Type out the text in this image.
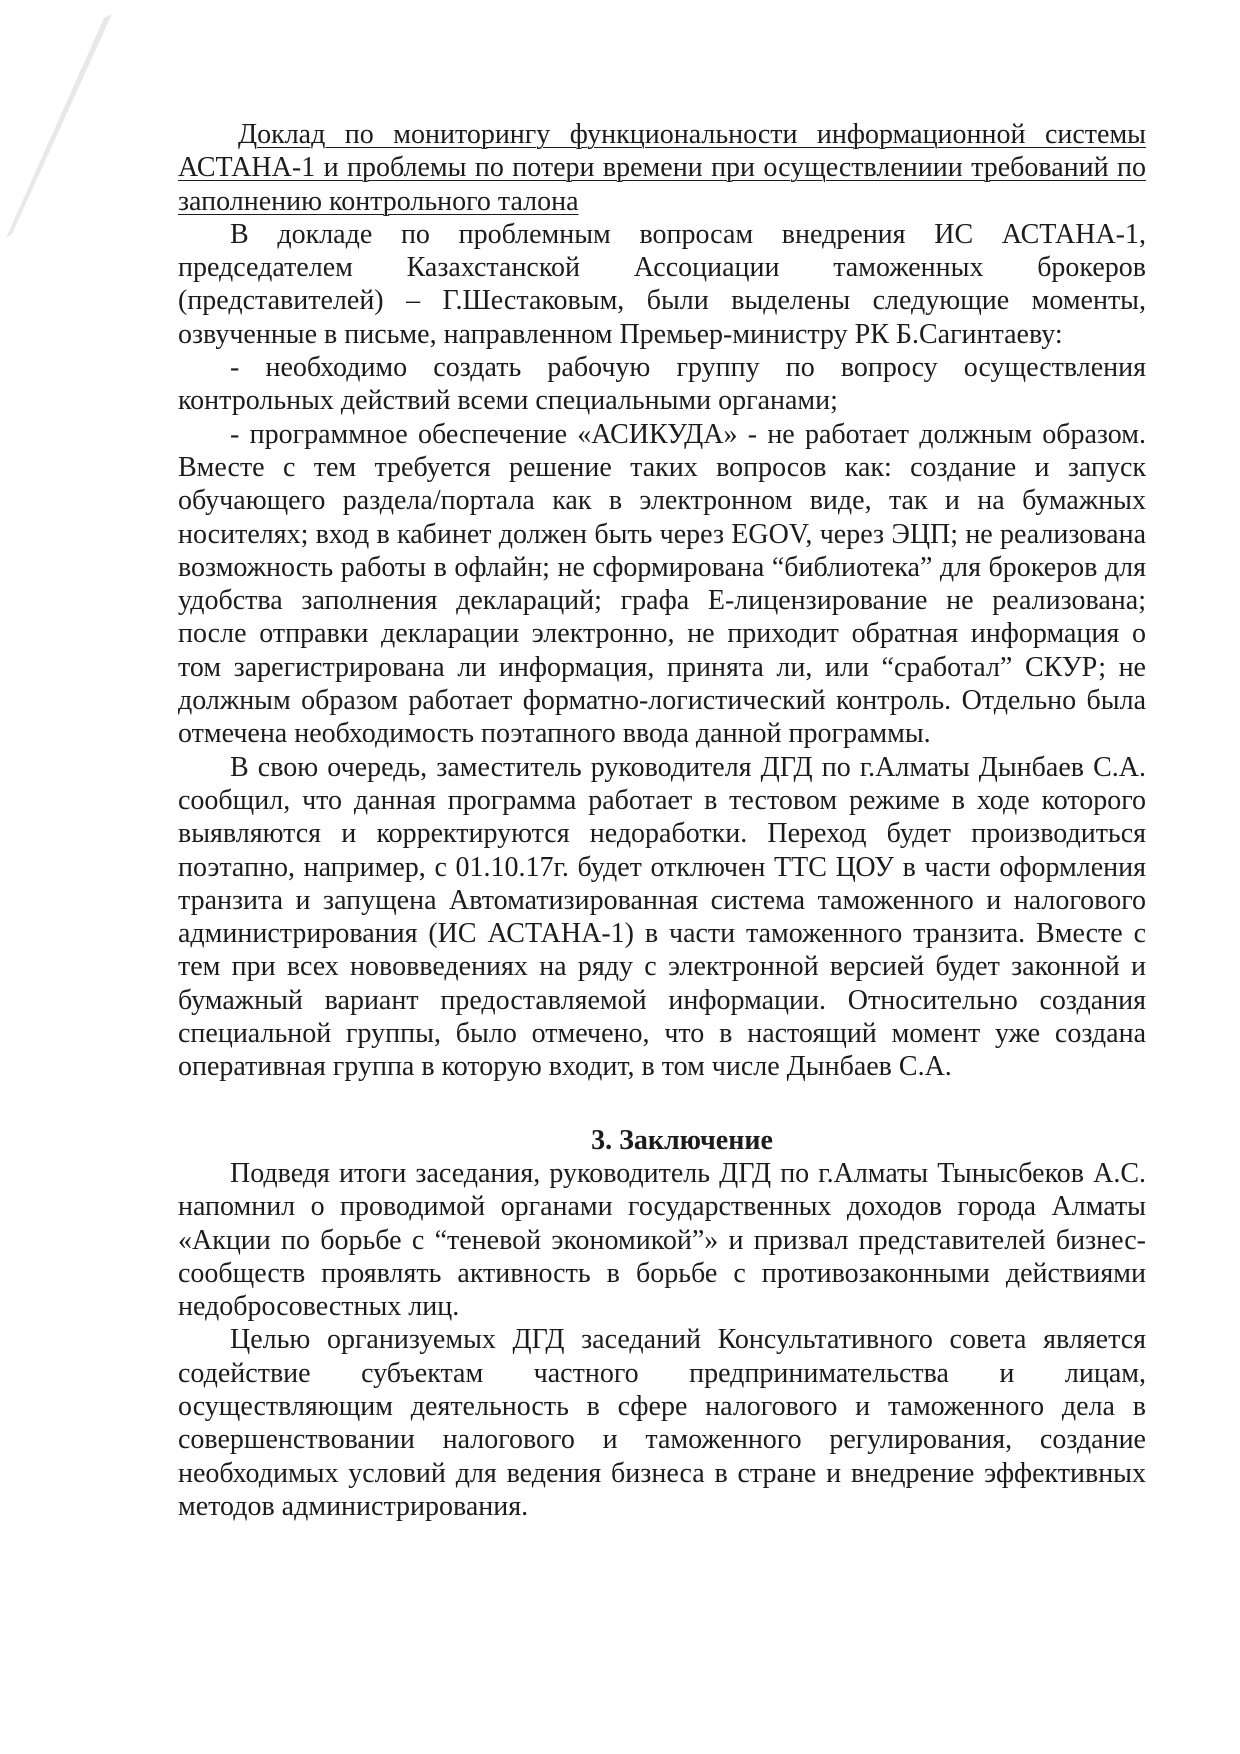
Доклад по мониторингу функциональности информационной системы АСТАНА-1 и проблемы по потери времени при осуществлениии требований по заполнению контрольного талона

В докладе по проблемным вопросам внедрения ИС АСТАНА-1, председателем Казахстанской Ассоциации таможенных брокеров (представителей) – Г.Шестаковым, были выделены следующие моменты, озвученные в письме, направленном Премьер-министру РК Б.Сагинтаеву:

- необходимо создать рабочую группу по вопросу осуществления контрольных действий всеми специальными органами;

- программное обеспечение «АСИКУДА» - не работает должным образом. Вместе с тем требуется решение таких вопросов как: создание и запуск обучающего раздела/портала как в электронном виде, так и на бумажных носителях; вход в кабинет должен быть через EGOV, через ЭЦП; не реализована возможность работы в офлайн; не сформирована “библиотека” для брокеров для удобства заполнения деклараций; графа Е-лицензирование не реализована; после отправки декларации электронно, не приходит обратная информация о том зарегистрирована ли информация, принята ли, или “сработал” СКУР; не должным образом работает форматно-логистический контроль. Отдельно была отмечена необходимость поэтапного ввода данной программы.

В свою очередь, заместитель руководителя ДГД по г.Алматы Дынбаев С.А. сообщил, что данная программа работает в тестовом режиме в ходе которого выявляются и корректируются недоработки. Переход будет производиться поэтапно, например, с 01.10.17г. будет отключен ТТС ЦОУ в части оформления транзита и запущена Автоматизированная система таможенного и налогового администрирования (ИС АСТАНА-1) в части таможенного транзита. Вместе с тем при всех нововведениях на ряду с электронной версией будет законной и бумажный вариант предоставляемой информации. Относительно создания специальной группы, было отмечено, что в настоящий момент уже создана оперативная группа в которую входит, в том числе Дынбаев С.А.

3. Заключение

Подведя итоги заседания, руководитель ДГД по г.Алматы Тынысбеков А.С. напомнил о проводимой органами государственных доходов города Алматы «Акции по борьбе с “теневой экономикой”» и призвал представителей бизнес-сообществ проявлять активность в борьбе с противозаконными действиями недобросовестных лиц.

Целью организуемых ДГД заседаний Консультативного совета является содействие субъектам частного предпринимательства и лицам, осуществляющим деятельность в сфере налогового и таможенного дела в совершенствовании налогового и таможенного регулирования, создание необходимых условий для ведения бизнеса в стране и внедрение эффективных методов администрирования.
